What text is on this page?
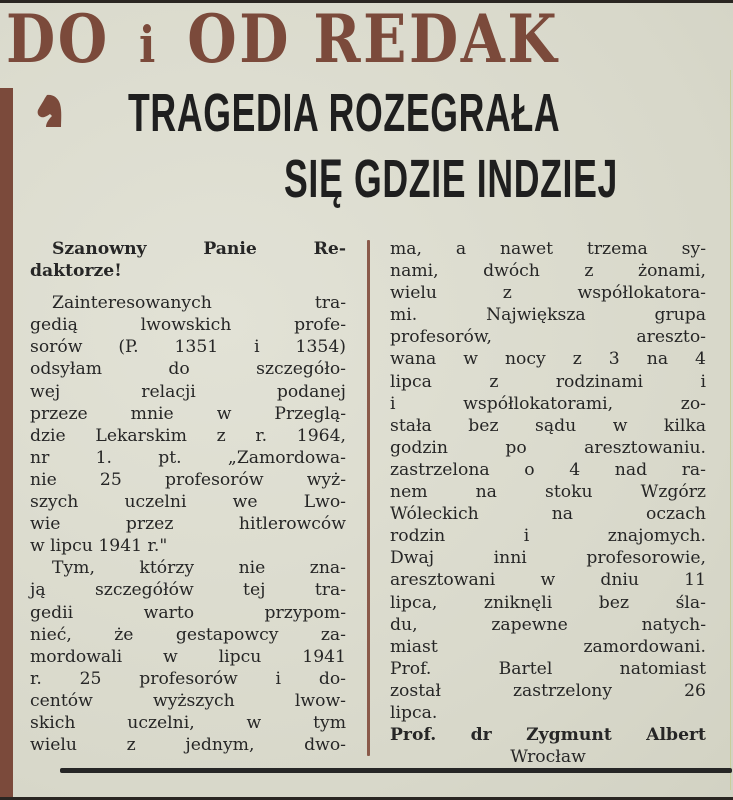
DO i OD REDAK
TRAGEDIA ROZEGRAŁA
SIĘ GDZIE INDZIEJ
Szanowny Panie Re-
daktorze!
Zainteresowanych tra-
gedią lwowskich profe-
sorów (P. 1351 i 1354)
odsyłam do szczegóło-
wej relacji podanej
przeze mnie w Przeglą-
dzie Lekarskim z r. 1964,
nr 1. pt. „Zamordowa-
nie 25 profesorów wyż-
szych uczelni we Lwo-
wie przez hitlerowców
w lipcu 1941 r."
Tym, którzy nie zna-
ją szczegółów tej tra-
gedii warto przypom-
nieć, że gestapowcy za-
mordowali w lipcu 1941
r. 25 profesorów i do-
centów wyższych lwow-
skich uczelni, w tym
wielu z jednym, dwo-
ma, a nawet trzema sy-
nami, dwóch z żonami,
wielu z współlokatora-
mi. Największa grupa
profesorów, areszto-
wana w nocy z 3 na 4
lipca z rodzinami i
i współlokatorami, zo-
stała bez sądu w kilka
godzin po aresztowaniu.
zastrzelona o 4 nad ra-
nem na stoku Wzgórz
Wóleckich na oczach
rodzin i znajomych.
Dwaj inni profesorowie,
aresztowani w dniu 11
lipca, zniknęli bez śla-
du, zapewne natych-
miast zamordowani.
Prof. Bartel natomiast
został zastrzelony 26
lipca.
Prof. dr Zygmunt Albert
Wrocław
